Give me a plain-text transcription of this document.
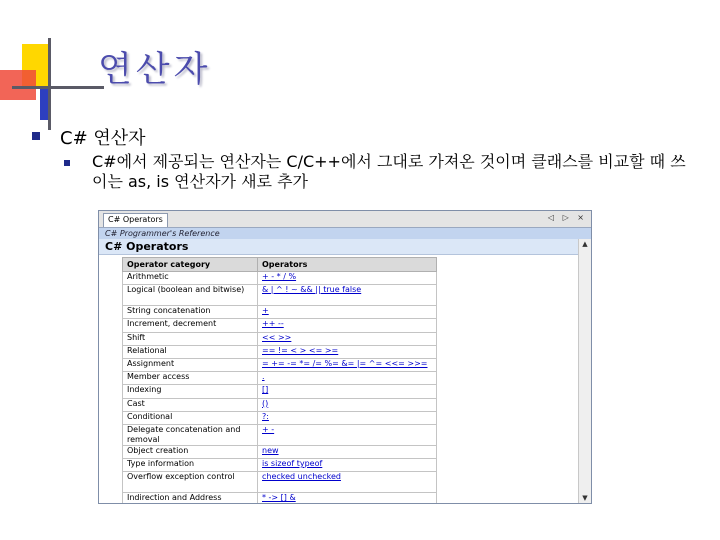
연산자
C# 연산자
C#에서 제공되는 연산자는 C/C++에서 그대로 가져온 것이며 클래스를 비교할 때 쓰이는 as, is 연산자가 새로 추가
C# Operators	◁ ▷ ×
C# Programmer's Reference
C# Operators	▲
▼
Operator category	Operators
Arithmetic	+ - * / %
Logical (boolean and bitwise)	& | ^ ! ~ && || true false
String concatenation	+
Increment, decrement	++ --
Shift	<< >>
Relational	== != < > <= >=
Assignment	= += -= *= /= %= &= |= ^= <<= >>=
Member access	.
Indexing	[]
Cast	()
Conditional	?:
Delegate concatenation and removal	+ -
Object creation	new
Type information	is sizeof typeof
Overflow exception control	checked unchecked
Indirection and Address	* -> [] &
